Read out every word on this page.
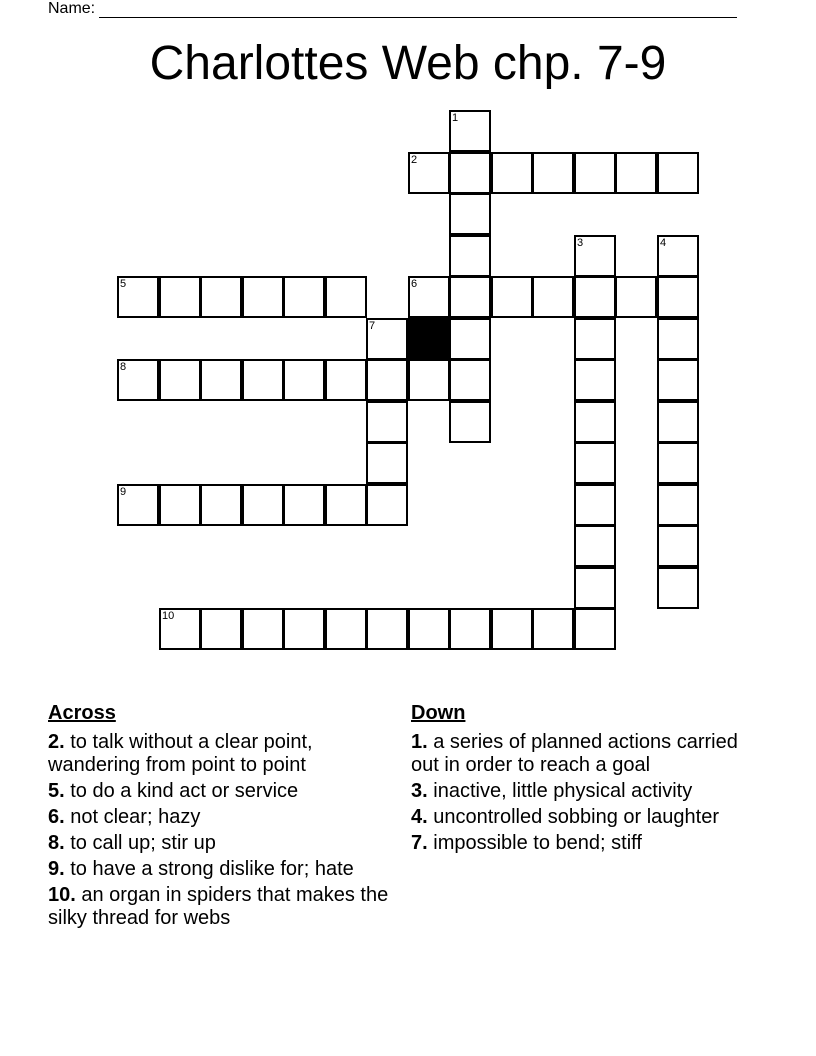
Name:
Charlottes Web chp. 7-9
1
2
3	4
5	6
7
8
9
10
Across
2. to talk without a clear point, wandering from point to point
5. to do a kind act or service
6. not clear; hazy
8. to call up; stir up
9. to have a strong dislike for; hate
10. an organ in spiders that makes the silky thread for webs
Down
1. a series of planned actions carried out in order to reach a goal
3. inactive, little physical activity
4. uncontrolled sobbing or laughter
7. impossible to bend; stiff
